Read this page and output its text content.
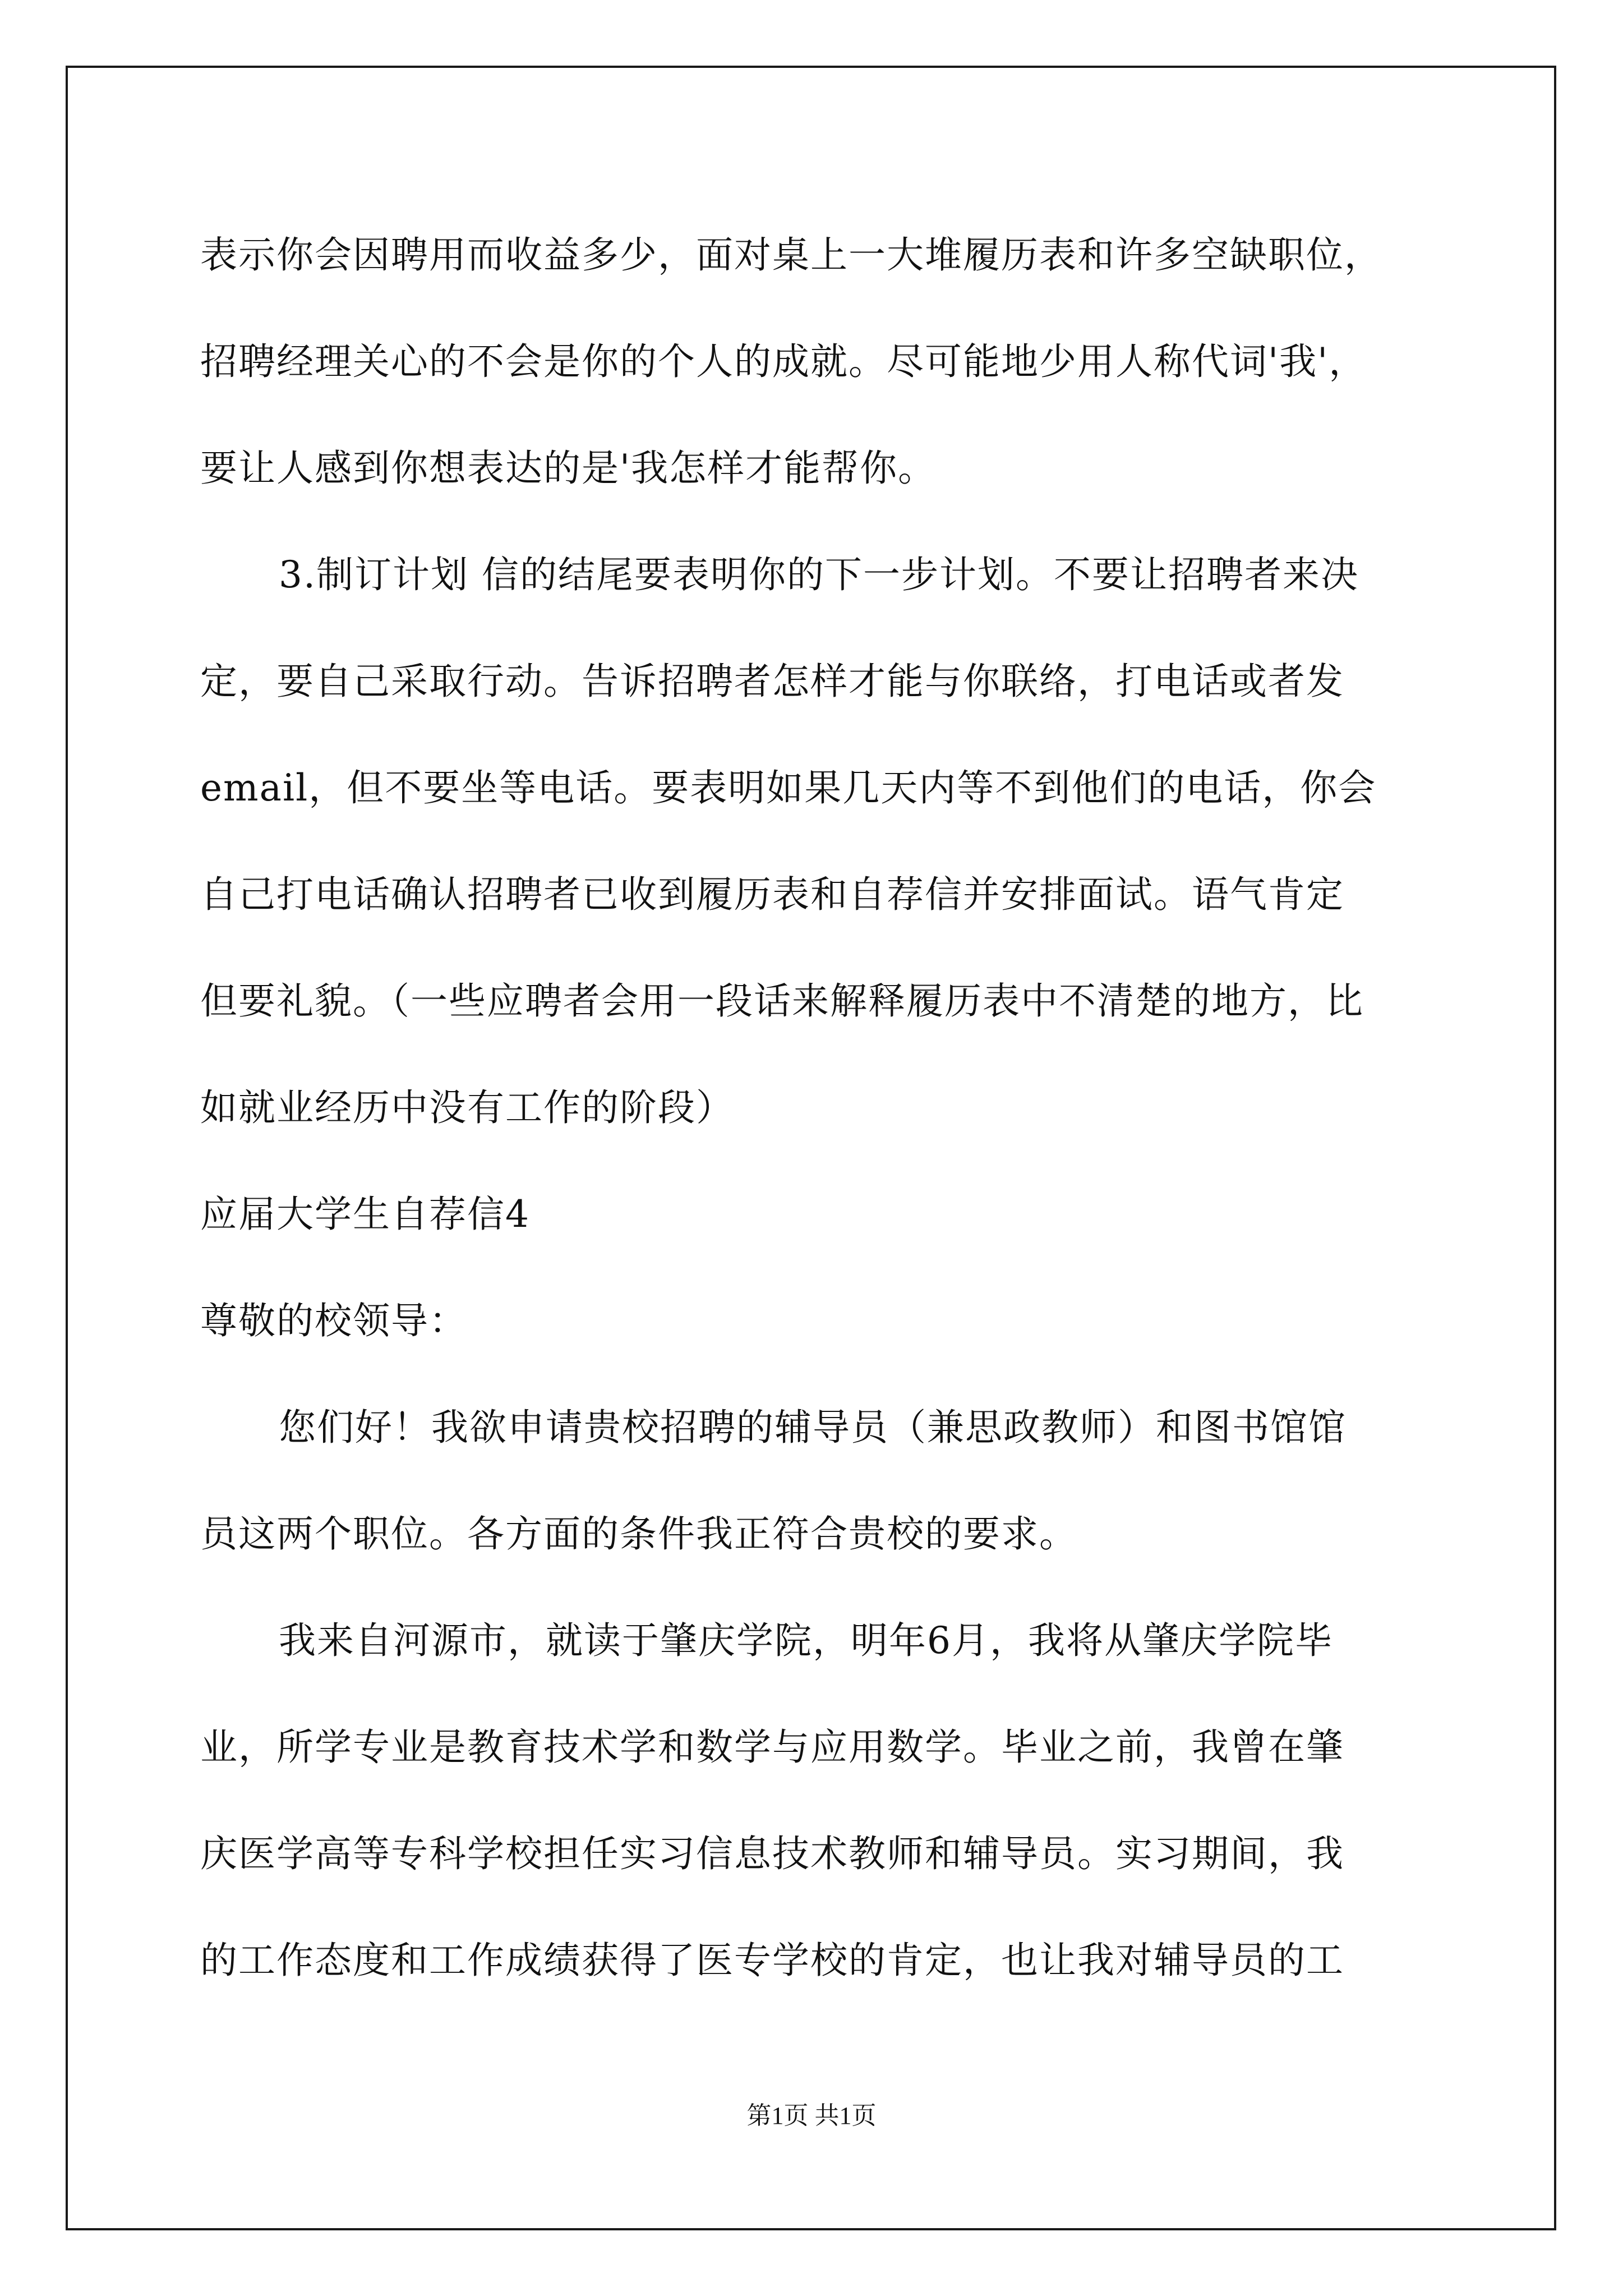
表示你会因聘用而收益多少，面对桌上一大堆履历表和许多空缺职位，
招聘经理关心的不会是你的个人的成就。尽可能地少用人称代词'我'，
要让人感到你想表达的是'我怎样才能帮你。
3.制订计划 信的结尾要表明你的下一步计划。不要让招聘者来决
定，要自己采取行动。告诉招聘者怎样才能与你联络，打电话或者发
email，但不要坐等电话。要表明如果几天内等不到他们的电话，你会
自己打电话确认招聘者已收到履历表和自荐信并安排面试。语气肯定
但要礼貌。（一些应聘者会用一段话来解释履历表中不清楚的地方，比
如就业经历中没有工作的阶段）
应届大学生自荐信4
尊敬的校领导：
您们好！我欲申请贵校招聘的辅导员（兼思政教师）和图书馆馆
员这两个职位。各方面的条件我正符合贵校的要求。
我来自河源市，就读于肇庆学院，明年6月，我将从肇庆学院毕
业，所学专业是教育技术学和数学与应用数学。毕业之前，我曾在肇
庆医学高等专科学校担任实习信息技术教师和辅导员。实习期间，我
的工作态度和工作成绩获得了医专学校的肯定，也让我对辅导员的工
第1页 共1页
